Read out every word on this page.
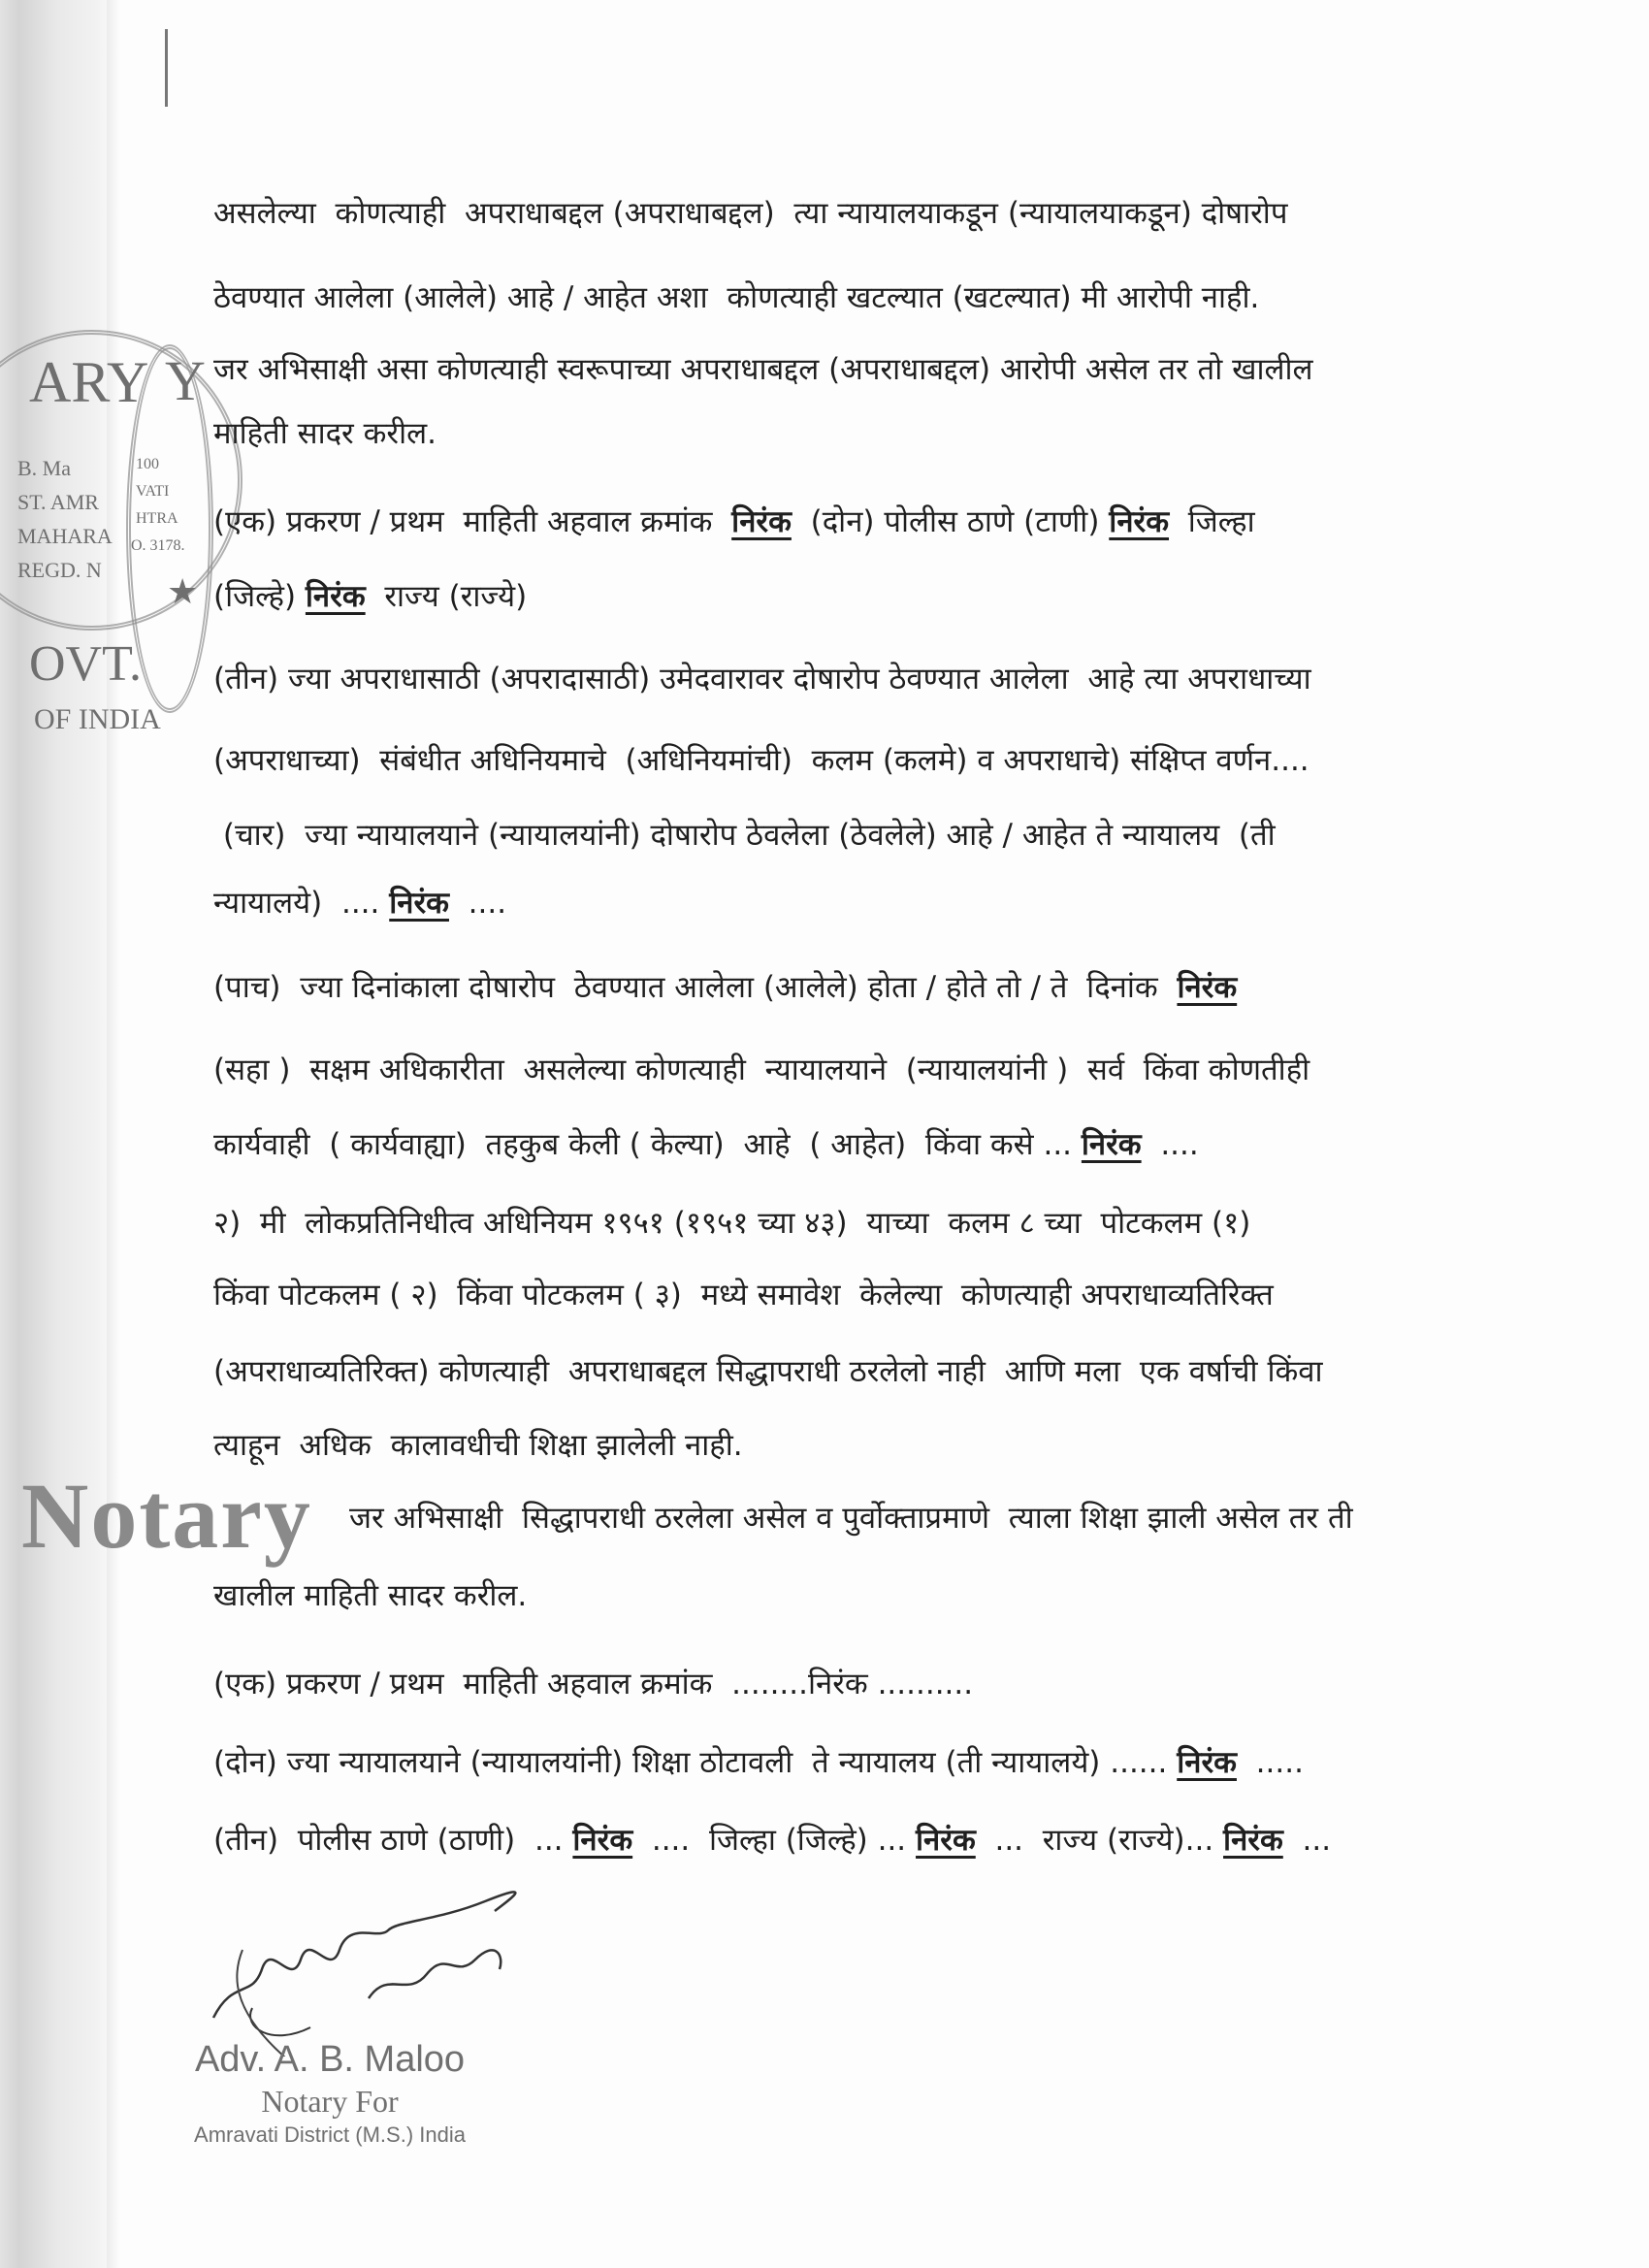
ARY
B. Ma
ST. AMR
MAHARA
REGD. N
OVT.
Y
100
VATI
HTRA
O. 3178.
★
OF INDIA
असलेल्या  कोणत्याही  अपराधाबद्दल (अपराधाबद्दल)  त्या न्यायालयाकडून (न्यायालयाकडून) दोषारोप
ठेवण्यात आलेला (आलेले) आहे / आहेत अशा  कोणत्याही खटल्यात (खटल्यात) मी आरोपी नाही.
जर अभिसाक्षी असा कोणत्याही स्वरूपाच्या अपराधाबद्दल (अपराधाबद्दल) आरोपी असेल तर तो खालील
माहिती सादर करील.
(एक) प्रकरण / प्रथम  माहिती अहवाल क्रमांक  निरंक  (दोन) पोलीस ठाणे (टाणी) निरंक  जिल्हा
(जिल्हे) निरंक  राज्य (राज्ये)
(तीन) ज्या अपराधासाठी (अपरादासाठी) उमेदवारावर दोषारोप ठेवण्यात आलेला  आहे त्या अपराधाच्या
(अपराधाच्या)  संबंधीत अधिनियमाचे  (अधिनियमांची)  कलम (कलमे) व अपराधाचे) संक्षिप्त वर्णन....
(चार)  ज्या न्यायालयाने (न्यायालयांनी) दोषारोप ठेवलेला (ठेवलेले) आहे / आहेत ते न्यायालय  (ती
न्यायालये)  .... निरंक  ....
(पाच)  ज्या दिनांकाला दोषारोप  ठेवण्यात आलेला (आलेले) होता / होते तो / ते  दिनांक  निरंक
(सहा )  सक्षम अधिकारीता  असलेल्या कोणत्याही  न्यायालयाने  (न्यायालयांनी )  सर्व  किंवा कोणतीही
कार्यवाही  ( कार्यवाह्या)  तहकुब केली ( केल्या)  आहे  ( आहेत)  किंवा कसे ... निरंक  ....
२)  मी  लोकप्रतिनिधीत्व अधिनियम १९५१ (१९५१ च्या ४३)  याच्या  कलम ८ च्या  पोटकलम (१)
किंवा पोटकलम ( २)  किंवा पोटकलम ( ३)  मध्ये समावेश  केलेल्या  कोणत्याही अपराधाव्यतिरिक्त
(अपराधाव्यतिरिक्त) कोणत्याही  अपराधाबद्दल सिद्धापराधी ठरलेलो नाही  आणि मला  एक वर्षाची किंवा
त्याहून  अधिक  कालावधीची शिक्षा झालेली नाही.
जर अभिसाक्षी  सिद्धापराधी ठरलेला असेल व पुर्वोक्ताप्रमाणे  त्याला शिक्षा झाली असेल तर ती
खालील माहिती सादर करील.
(एक) प्रकरण / प्रथम  माहिती अहवाल क्रमांक  ........निरंक ..........
(दोन) ज्या न्यायालयाने (न्यायालयांनी) शिक्षा ठोटावली  ते न्यायालय (ती न्यायालये) ...... निरंक  .....
(तीन)  पोलीस ठाणे (ठाणी)  ... निरंक  ....  जिल्हा (जिल्हे) ... निरंक  ...  राज्य (राज्ये)... निरंक  ...
Notary
Adv. A. B. Maloo
Notary For
Amravati District (M.S.) India
